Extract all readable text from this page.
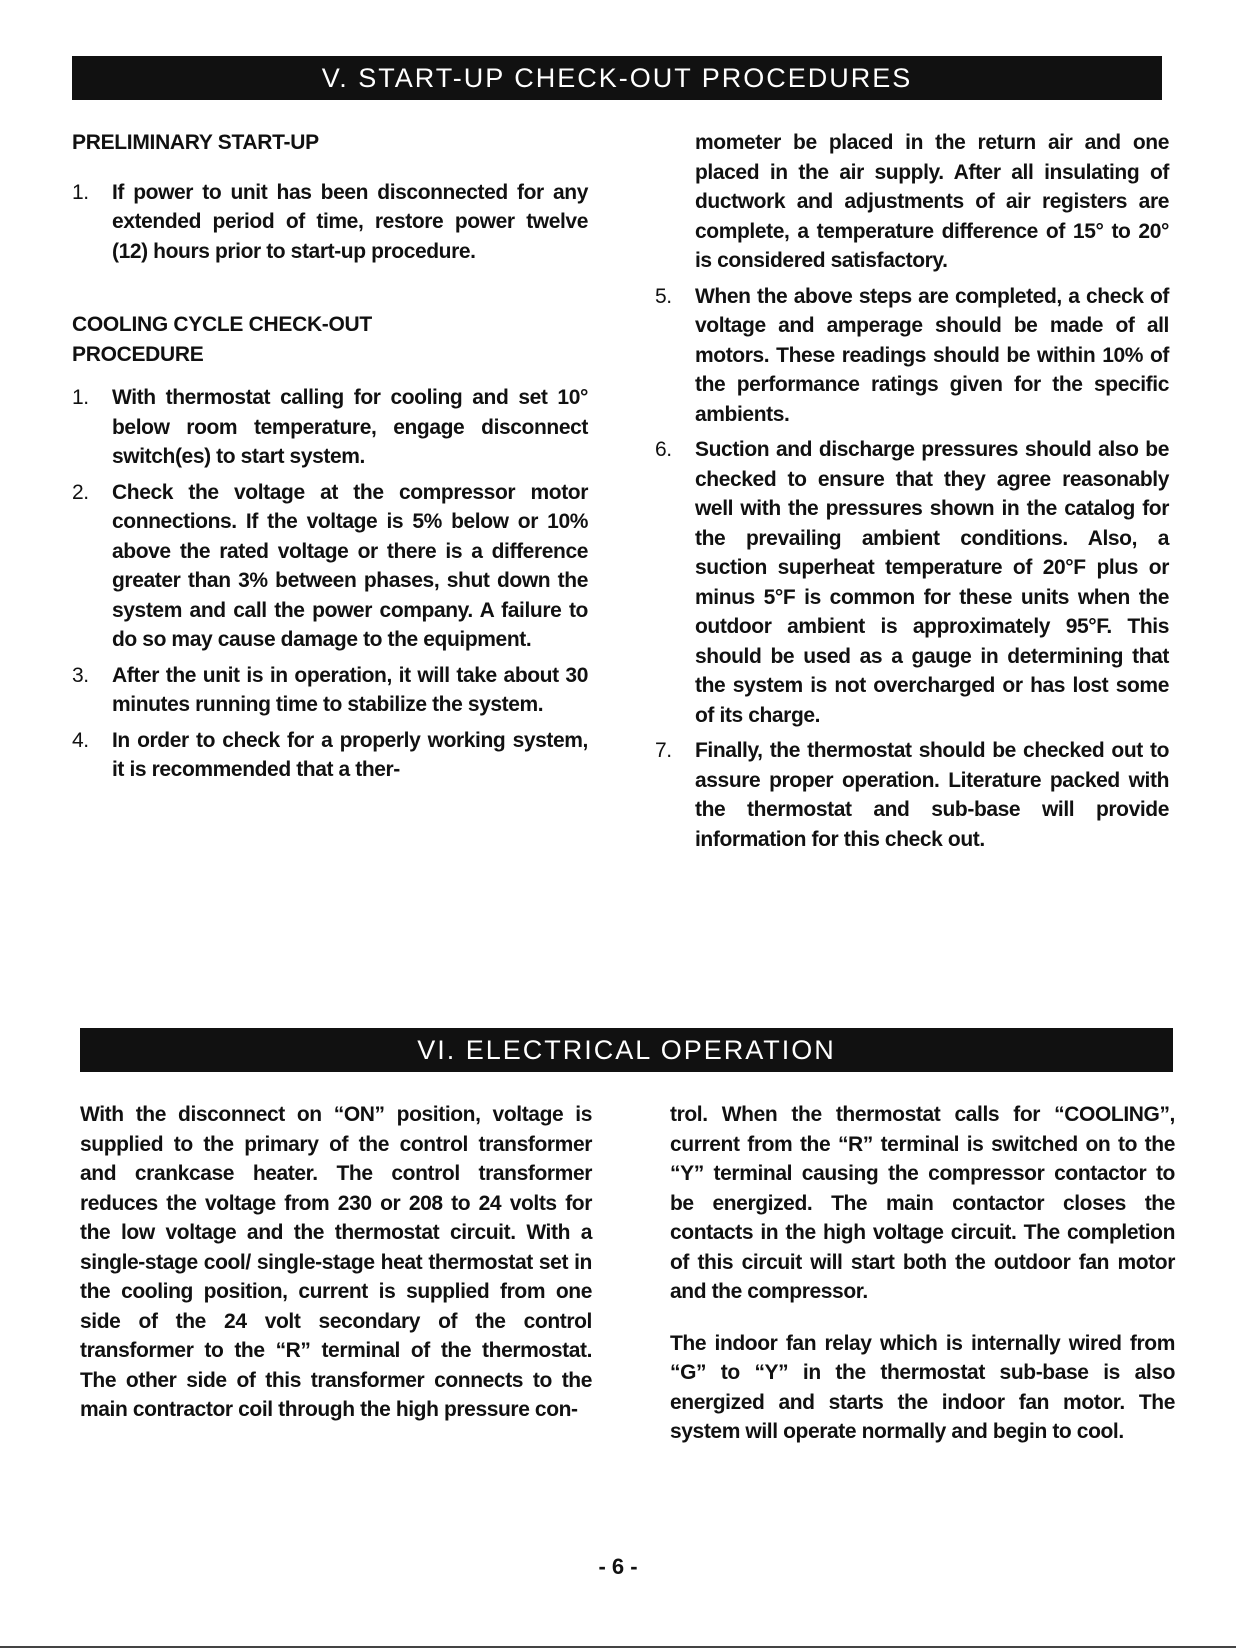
V. START-UP CHECK-OUT PROCEDURES
PRELIMINARY START-UP
1. If power to unit has been disconnected for any extended period of time, restore power twelve (12) hours prior to start-up procedure.
COOLING CYCLE CHECK-OUT PROCEDURE
1. With thermostat calling for cooling and set 10° below room temperature, engage disconnect switch(es) to start system.
2. Check the voltage at the compressor motor connections. If the voltage is 5% below or 10% above the rated voltage or there is a difference greater than 3% between phases, shut down the system and call the power company. A failure to do so may cause damage to the equipment.
3. After the unit is in operation, it will take about 30 minutes running time to stabilize the system.
4. In order to check for a properly working system, it is recommended that a ther-
mometer be placed in the return air and one placed in the air supply. After all insulating of ductwork and adjustments of air registers are complete, a temperature difference of 15° to 20° is considered satisfactory.
5. When the above steps are completed, a check of voltage and amperage should be made of all motors. These readings should be within 10% of the performance ratings given for the specific ambients.
6. Suction and discharge pressures should also be checked to ensure that they agree reasonably well with the pressures shown in the catalog for the prevailing ambient conditions. Also, a suction superheat temperature of 20°F plus or minus 5°F is common for these units when the outdoor ambient is approximately 95°F. This should be used as a gauge in determining that the system is not overcharged or has lost some of its charge.
7. Finally, the thermostat should be checked out to assure proper operation. Literature packed with the thermostat and sub-base will provide information for this check out.
VI. ELECTRICAL OPERATION

With the disconnect on “ON” position, voltage is supplied to the primary of the control transformer and crankcase heater. The control transformer reduces the voltage from 230 or 208 to 24 volts for the low voltage and the thermostat circuit. With a single-stage cool/ single-stage heat thermostat set in the cooling position, current is supplied from one side of the 24 volt secondary of the control transformer to the “R” terminal of the thermostat. The other side of this transformer connects to the main contractor coil through the high pressure con-

trol. When the thermostat calls for “COOLING”, current from the “R” terminal is switched on to the “Y” terminal causing the compressor contactor to be energized. The main contactor closes the contacts in the high voltage circuit. The completion of this circuit will start both the outdoor fan motor and the compressor.

The indoor fan relay which is internally wired from “G” to “Y” in the thermostat sub-base is also energized and starts the indoor fan motor. The system will operate normally and begin to cool.

- 6 -
